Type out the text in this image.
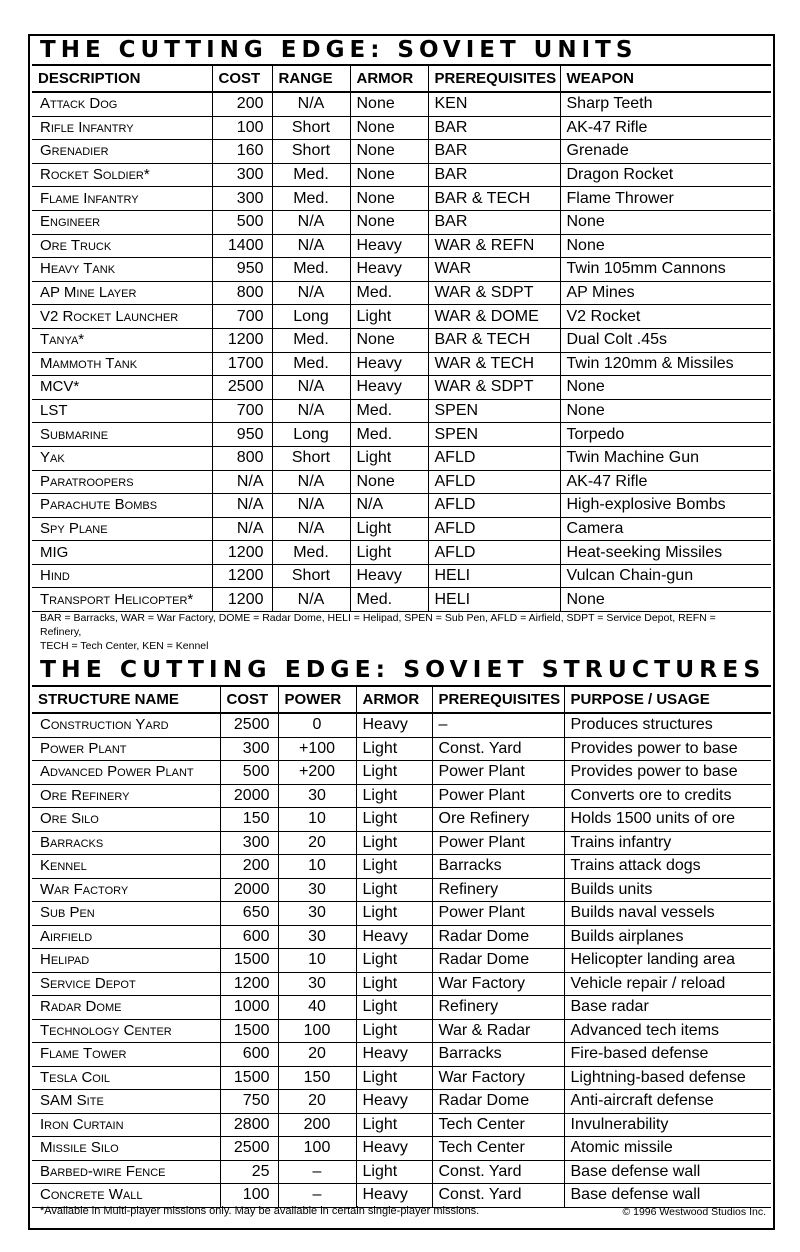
THE CUTTING EDGE: SOVIET UNITS
DESCRIPTION	COST	RANGE	ARMOR	PREREQUISITES	WEAPON
Attack Dog	200	N/A	None	KEN	Sharp Teeth
Rifle Infantry	100	Short	None	BAR	AK-47 Rifle
Grenadier	160	Short	None	BAR	Grenade
Rocket Soldier*	300	Med.	None	BAR	Dragon Rocket
Flame Infantry	300	Med.	None	BAR & TECH	Flame Thrower
Engineer	500	N/A	None	BAR	None
Ore Truck	1400	N/A	Heavy	WAR & REFN	None
Heavy Tank	950	Med.	Heavy	WAR	Twin 105mm Cannons
AP Mine Layer	800	N/A	Med.	WAR & SDPT	AP Mines
V2 Rocket Launcher	700	Long	Light	WAR & DOME	V2 Rocket
Tanya*	1200	Med.	None	BAR & TECH	Dual Colt .45s
Mammoth Tank	1700	Med.	Heavy	WAR & TECH	Twin 120mm & Missiles
MCV*	2500	N/A	Heavy	WAR & SDPT	None
LST	700	N/A	Med.	SPEN	None
Submarine	950	Long	Med.	SPEN	Torpedo
Yak	800	Short	Light	AFLD	Twin Machine Gun
Paratroopers	N/A	N/A	None	AFLD	AK-47 Rifle
Parachute Bombs	N/A	N/A	N/A	AFLD	High-explosive Bombs
Spy Plane	N/A	N/A	Light	AFLD	Camera
MIG	1200	Med.	Light	AFLD	Heat-seeking Missiles
Hind	1200	Short	Heavy	HELI	Vulcan Chain-gun
Transport Helicopter*	1200	N/A	Med.	HELI	None
BAR = Barracks, WAR = War Factory, DOME = Radar Dome, HELI = Helipad, SPEN = Sub Pen, AFLD = Airfield, SDPT = Service Depot, REFN = Refinery,
TECH = Tech Center, KEN = Kennel
THE CUTTING EDGE: SOVIET STRUCTURES
STRUCTURE NAME	COST	POWER	ARMOR	PREREQUISITES	PURPOSE / USAGE
Construction Yard	2500	0	Heavy	–	Produces structures
Power Plant	300	+100	Light	Const. Yard	Provides power to base
Advanced Power Plant	500	+200	Light	Power Plant	Provides power to base
Ore Refinery	2000	30	Light	Power Plant	Converts ore to credits
Ore Silo	150	10	Light	Ore Refinery	Holds 1500 units of ore
Barracks	300	20	Light	Power Plant	Trains infantry
Kennel	200	10	Light	Barracks	Trains attack dogs
War Factory	2000	30	Light	Refinery	Builds units
Sub Pen	650	30	Light	Power Plant	Builds naval vessels
Airfield	600	30	Heavy	Radar Dome	Builds airplanes
Helipad	1500	10	Light	Radar Dome	Helicopter landing area
Service Depot	1200	30	Light	War Factory	Vehicle repair / reload
Radar Dome	1000	40	Light	Refinery	Base radar
Technology Center	1500	100	Light	War & Radar	Advanced tech items
Flame Tower	600	20	Heavy	Barracks	Fire-based defense
Tesla Coil	1500	150	Light	War Factory	Lightning-based defense
SAM Site	750	20	Heavy	Radar Dome	Anti-aircraft defense
Iron Curtain	2800	200	Light	Tech Center	Invulnerability
Missile Silo	2500	100	Heavy	Tech Center	Atomic missile
Barbed-wire Fence	25	–	Light	Const. Yard	Base defense wall
Concrete Wall	100	–	Heavy	Const. Yard	Base defense wall
*Available in Multi-player missions only. May be available in certain single-player missions.	© 1996 Westwood Studios Inc.
